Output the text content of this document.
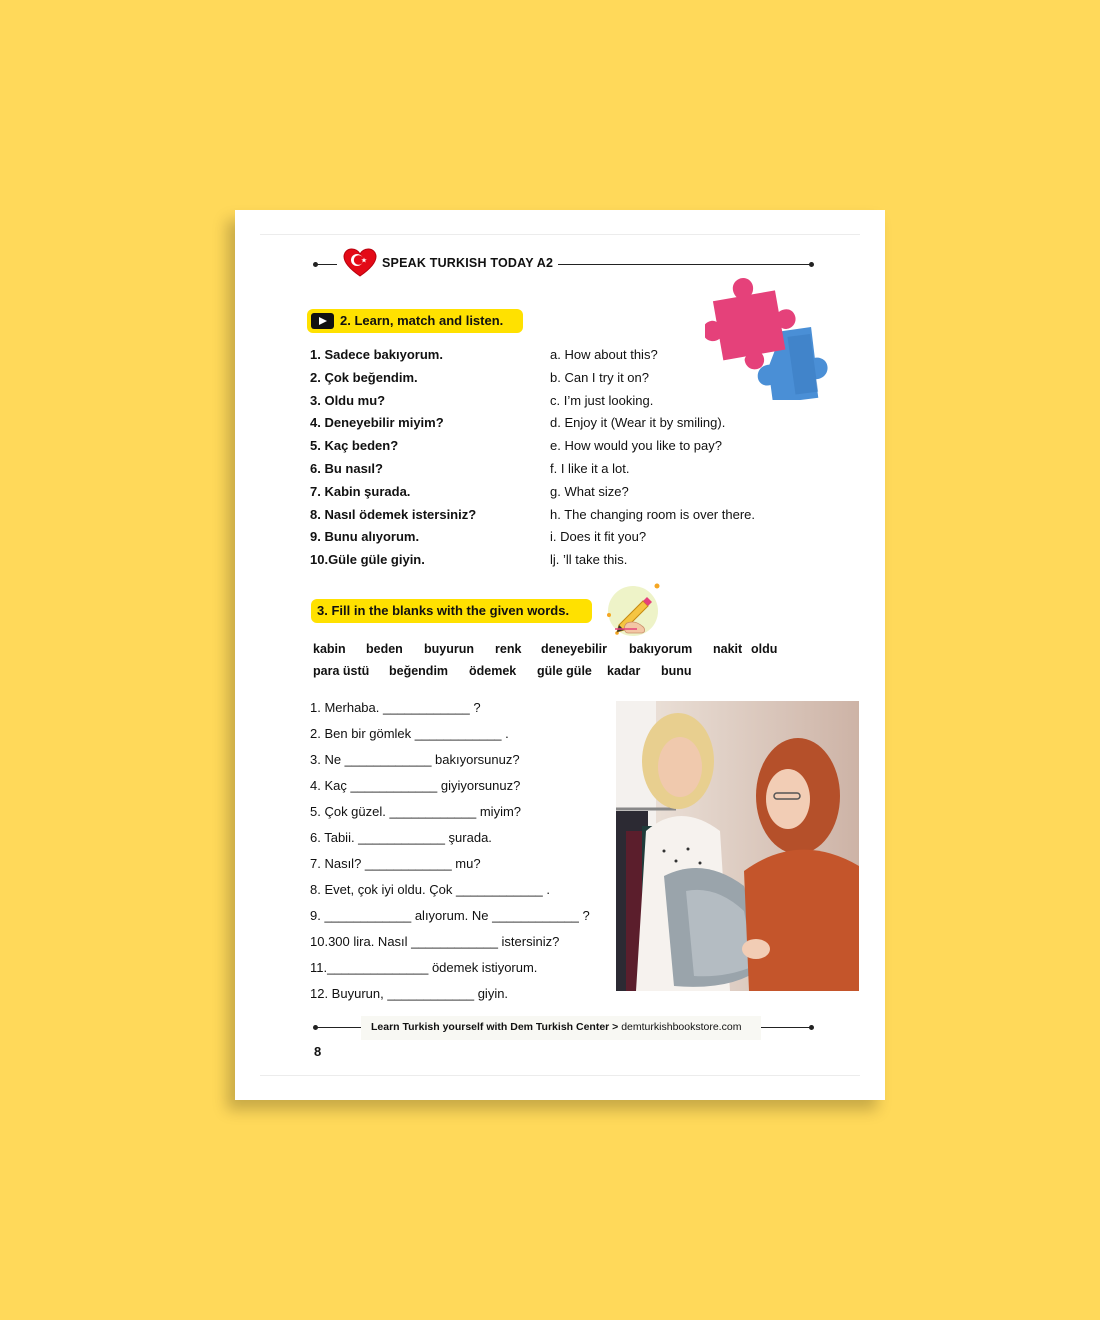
SPEAK TURKISH TODAY A2
2. Learn, match and listen.
1. Sadece bakıyorum.
2. Çok beğendim.
3. Oldu mu?
4. Deneyebilir miyim?
5. Kaç beden?
6. Bu nasıl?
7. Kabin şurada.
8. Nasıl ödemek istersiniz?
9. Bunu alıyorum.
10.Güle güle giyin.
a. How about this?
b. Can I try it on?
c. I’m just looking.
d. Enjoy it (Wear it by smiling).
e. How would you like to pay?
f. I like it a lot.
g. What size?
h. The changing room is over there.
i. Does it fit you?
lj. ’ll take this.
3. Fill in the blanks with the given words.
kabin beden buyurun renk deneyebilir bakıyorum nakit oldu
para üstü beğendim ödemek güle güle kadar bunu
1. Merhaba. ____________ ?
2. Ben bir gömlek ____________ .
3. Ne ____________ bakıyorsunuz?
4. Kaç ____________ giyiyorsunuz?
5. Çok güzel. ____________ miyim?
6. Tabii. ____________ şurada.
7. Nasıl? ____________ mu?
8. Evet, çok iyi oldu. Çok ____________ .
9. ____________ alıyorum. Ne ____________ ?
10.300 lira. Nasıl ____________ istersiniz?
11.______________ ödemek istiyorum.
12. Buyurun, ____________ giyin.
Learn Turkish yourself with Dem Turkish Center > demturkishbookstore.com
8
